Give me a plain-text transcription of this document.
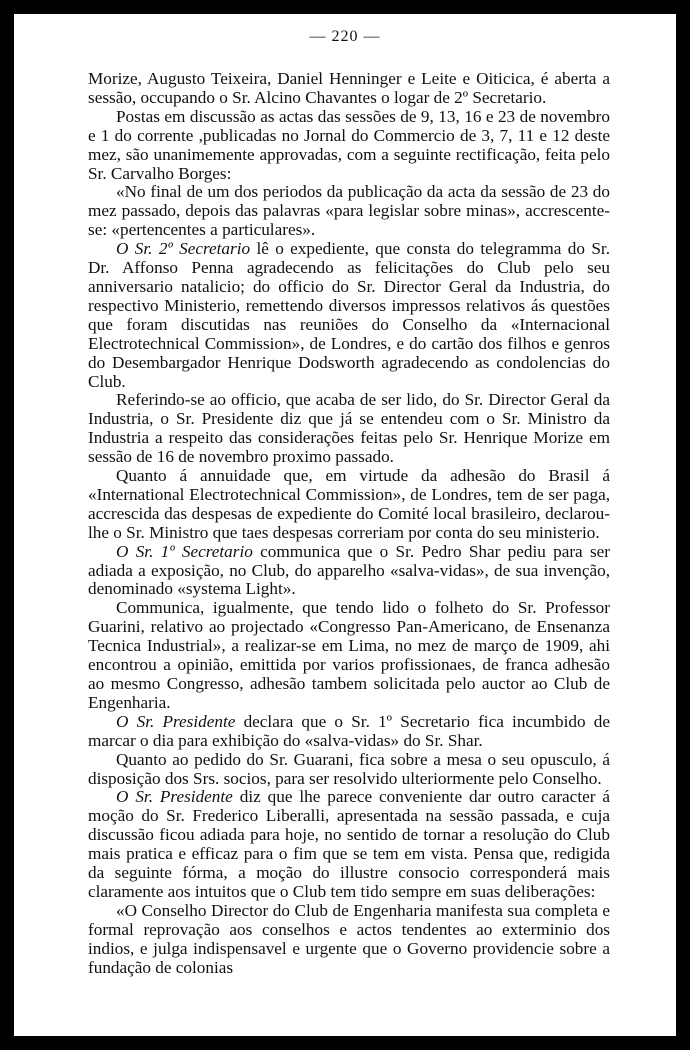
— 220 —

Morize, Augusto Teixeira, Daniel Henninger e Leite e Oiticica, é aberta a sessão, occupando o Sr. Alcino Chavantes o logar de 2º Secretario.

Postas em discussão as actas das sessões de 9, 13, 16 e 23 de novembro e 1 do corrente ,publicadas no Jornal do Commercio de 3, 7, 11 e 12 deste mez, são unanimemente approvadas, com a seguinte rectificação, feita pelo Sr. Carvalho Borges:

«No final de um dos periodos da publicação da acta da sessão de 23 do mez passado, depois das palavras «para legislar sobre minas», accrescente-se: «pertencentes a particulares».

O Sr. 2º Secretario lê o expediente, que consta do telegramma do Sr. Dr. Affonso Penna agradecendo as felicitações do Club pelo seu anniversario natalicio; do officio do Sr. Director Geral da Industria, do respectivo Ministerio, remettendo diversos impressos relativos ás questões que foram discutidas nas reuniões do Conselho da «Internacional Electrotechnical Commission», de Londres, e do cartão dos filhos e genros do Desembargador Henrique Dodsworth agradecendo as condolencias do Club.

Referindo-se ao officio, que acaba de ser lido, do Sr. Director Geral da Industria, o Sr. Presidente diz que já se entendeu com o Sr. Ministro da Industria a respeito das considerações feitas pelo Sr. Henrique Morize em sessão de 16 de novembro proximo passado.

Quanto á annuidade que, em virtude da adhesão do Brasil á «International Electrotechnical Commission», de Londres, tem de ser paga, accrescida das despesas de expediente do Comité local brasileiro, declarou-lhe o Sr. Ministro que taes despesas correriam por conta do seu ministerio.

O Sr. 1º Secretario communica que o Sr. Pedro Shar pediu para ser adiada a exposição, no Club, do apparelho «salva-vidas», de sua invenção, denominado «systema Light».

Communica, igualmente, que tendo lido o folheto do Sr. Professor Guarini, relativo ao projectado «Congresso Pan-Americano, de Ensenanza Tecnica Industrial», a realizar-se em Lima, no mez de março de 1909, ahi encontrou a opinião, emittida por varios profissionaes, de franca adhesão ao mesmo Congresso, adhesão tambem solicitada pelo auctor ao Club de Engenharia.

O Sr. Presidente declara que o Sr. 1º Secretario fica incumbido de marcar o dia para exhibição do «salva-vidas» do Sr. Shar.

Quanto ao pedido do Sr. Guarani, fica sobre a mesa o seu opusculo, á disposição dos Srs. socios, para ser resolvido ulteriormente pelo Conselho.

O Sr. Presidente diz que lhe parece conveniente dar outro caracter á moção do Sr. Frederico Liberalli, apresentada na sessão passada, e cuja discussão ficou adiada para hoje, no sentido de tornar a resolução do Club mais pratica e efficaz para o fim que se tem em vista. Pensa que, redigida da seguinte fórma, a moção do illustre consocio corresponderá mais claramente aos intuitos que o Club tem tido sempre em suas deliberações:

«O Conselho Director do Club de Engenharia manifesta sua completa e formal reprovação aos conselhos e actos tendentes ao exterminio dos indios, e julga indispensavel e urgente que o Governo providencie sobre a fundação de colonias
